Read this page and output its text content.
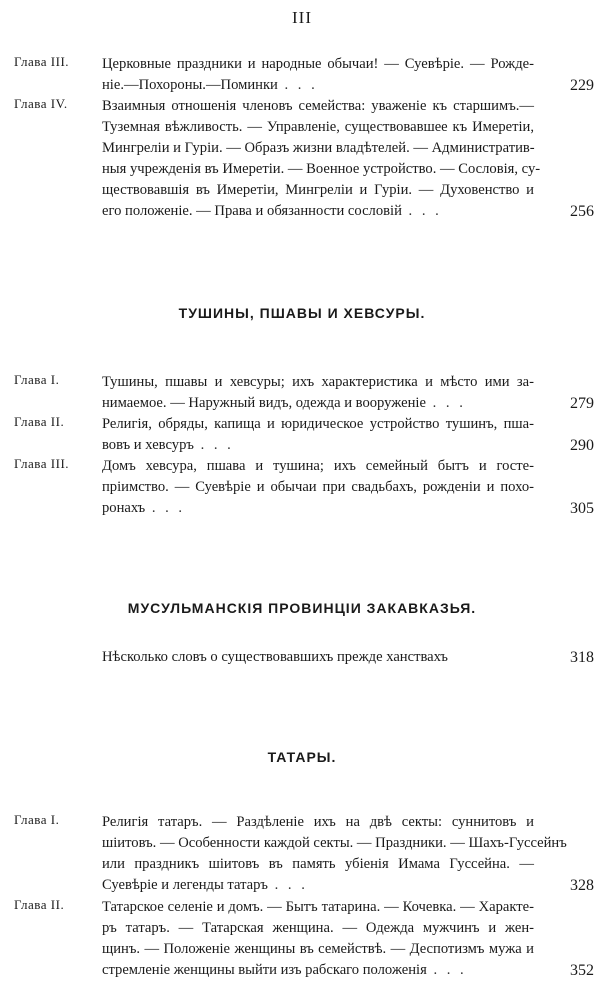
III
Глава III.	Церковные праздники и народные обычаи! — Суевѣріе. — Рожде-
ніе.—Похороны.—Поминки . . .	229
Глава IV.	Взаимныя отношенія членовъ семейства: уваженіе къ старшимъ.—
Туземная вѣжливость. — Управленіе, существовавшее къ Имеретіи,
Мингреліи и Гуріи. — Образъ жизни владѣтелей. — Административ-
ныя учрежденія въ Имеретіи. — Военное устройство. — Сословія, су-
ществовавшія въ Имеретіи, Мингреліи и Гуріи. — Духовенство и
его положеніе. — Права и обязанности сословій . . .	256
ТУШИНЫ, ПШАВЫ И ХЕВСУРЫ.
Глава I.	Тушины, пшавы и хевсуры; ихъ характеристика и мѣсто ими за-
нимаемое. — Наружный видъ, одежда и вооруженіе . . .	279
Глава II.	Религія, обряды, капища и юридическое устройство тушинъ, пша-
вовъ и хевсуръ . . .	290
Глава III.	Домъ хевсура, пшава и тушина; ихъ семейный бытъ и госте-
пріимство. — Суевѣріе и обычаи при свадьбахъ, рожденіи и похо-
ронахъ . . .	305
МУСУЛЬМАНСКІЯ ПРОВИНЦІИ ЗАКАВКАЗЬЯ.
Нѣсколько словъ о существовавшихъ прежде ханствахъ	318
ТАТАРЫ.
Глава I.	Религія татаръ. — Раздѣленіе ихъ на двѣ секты: суннитовъ и
шіитовъ. — Особенности каждой секты. — Праздники. — Шахъ-Гуссейнъ
или праздникъ шіитовъ въ память убіенія Имама Гуссейна. —
Суевѣріе и легенды татаръ . . .	328
Глава II.	Татарское селеніе и домъ. — Бытъ татарина. — Кочевка. — Характе-
ръ татаръ. — Татарская женщина. — Одежда мужчинъ и жен-
щинъ. — Положеніе женщины въ семействѣ. — Деспотизмъ мужа и
стремленіе женщины выйти изъ рабскаго положенія . . .	352
